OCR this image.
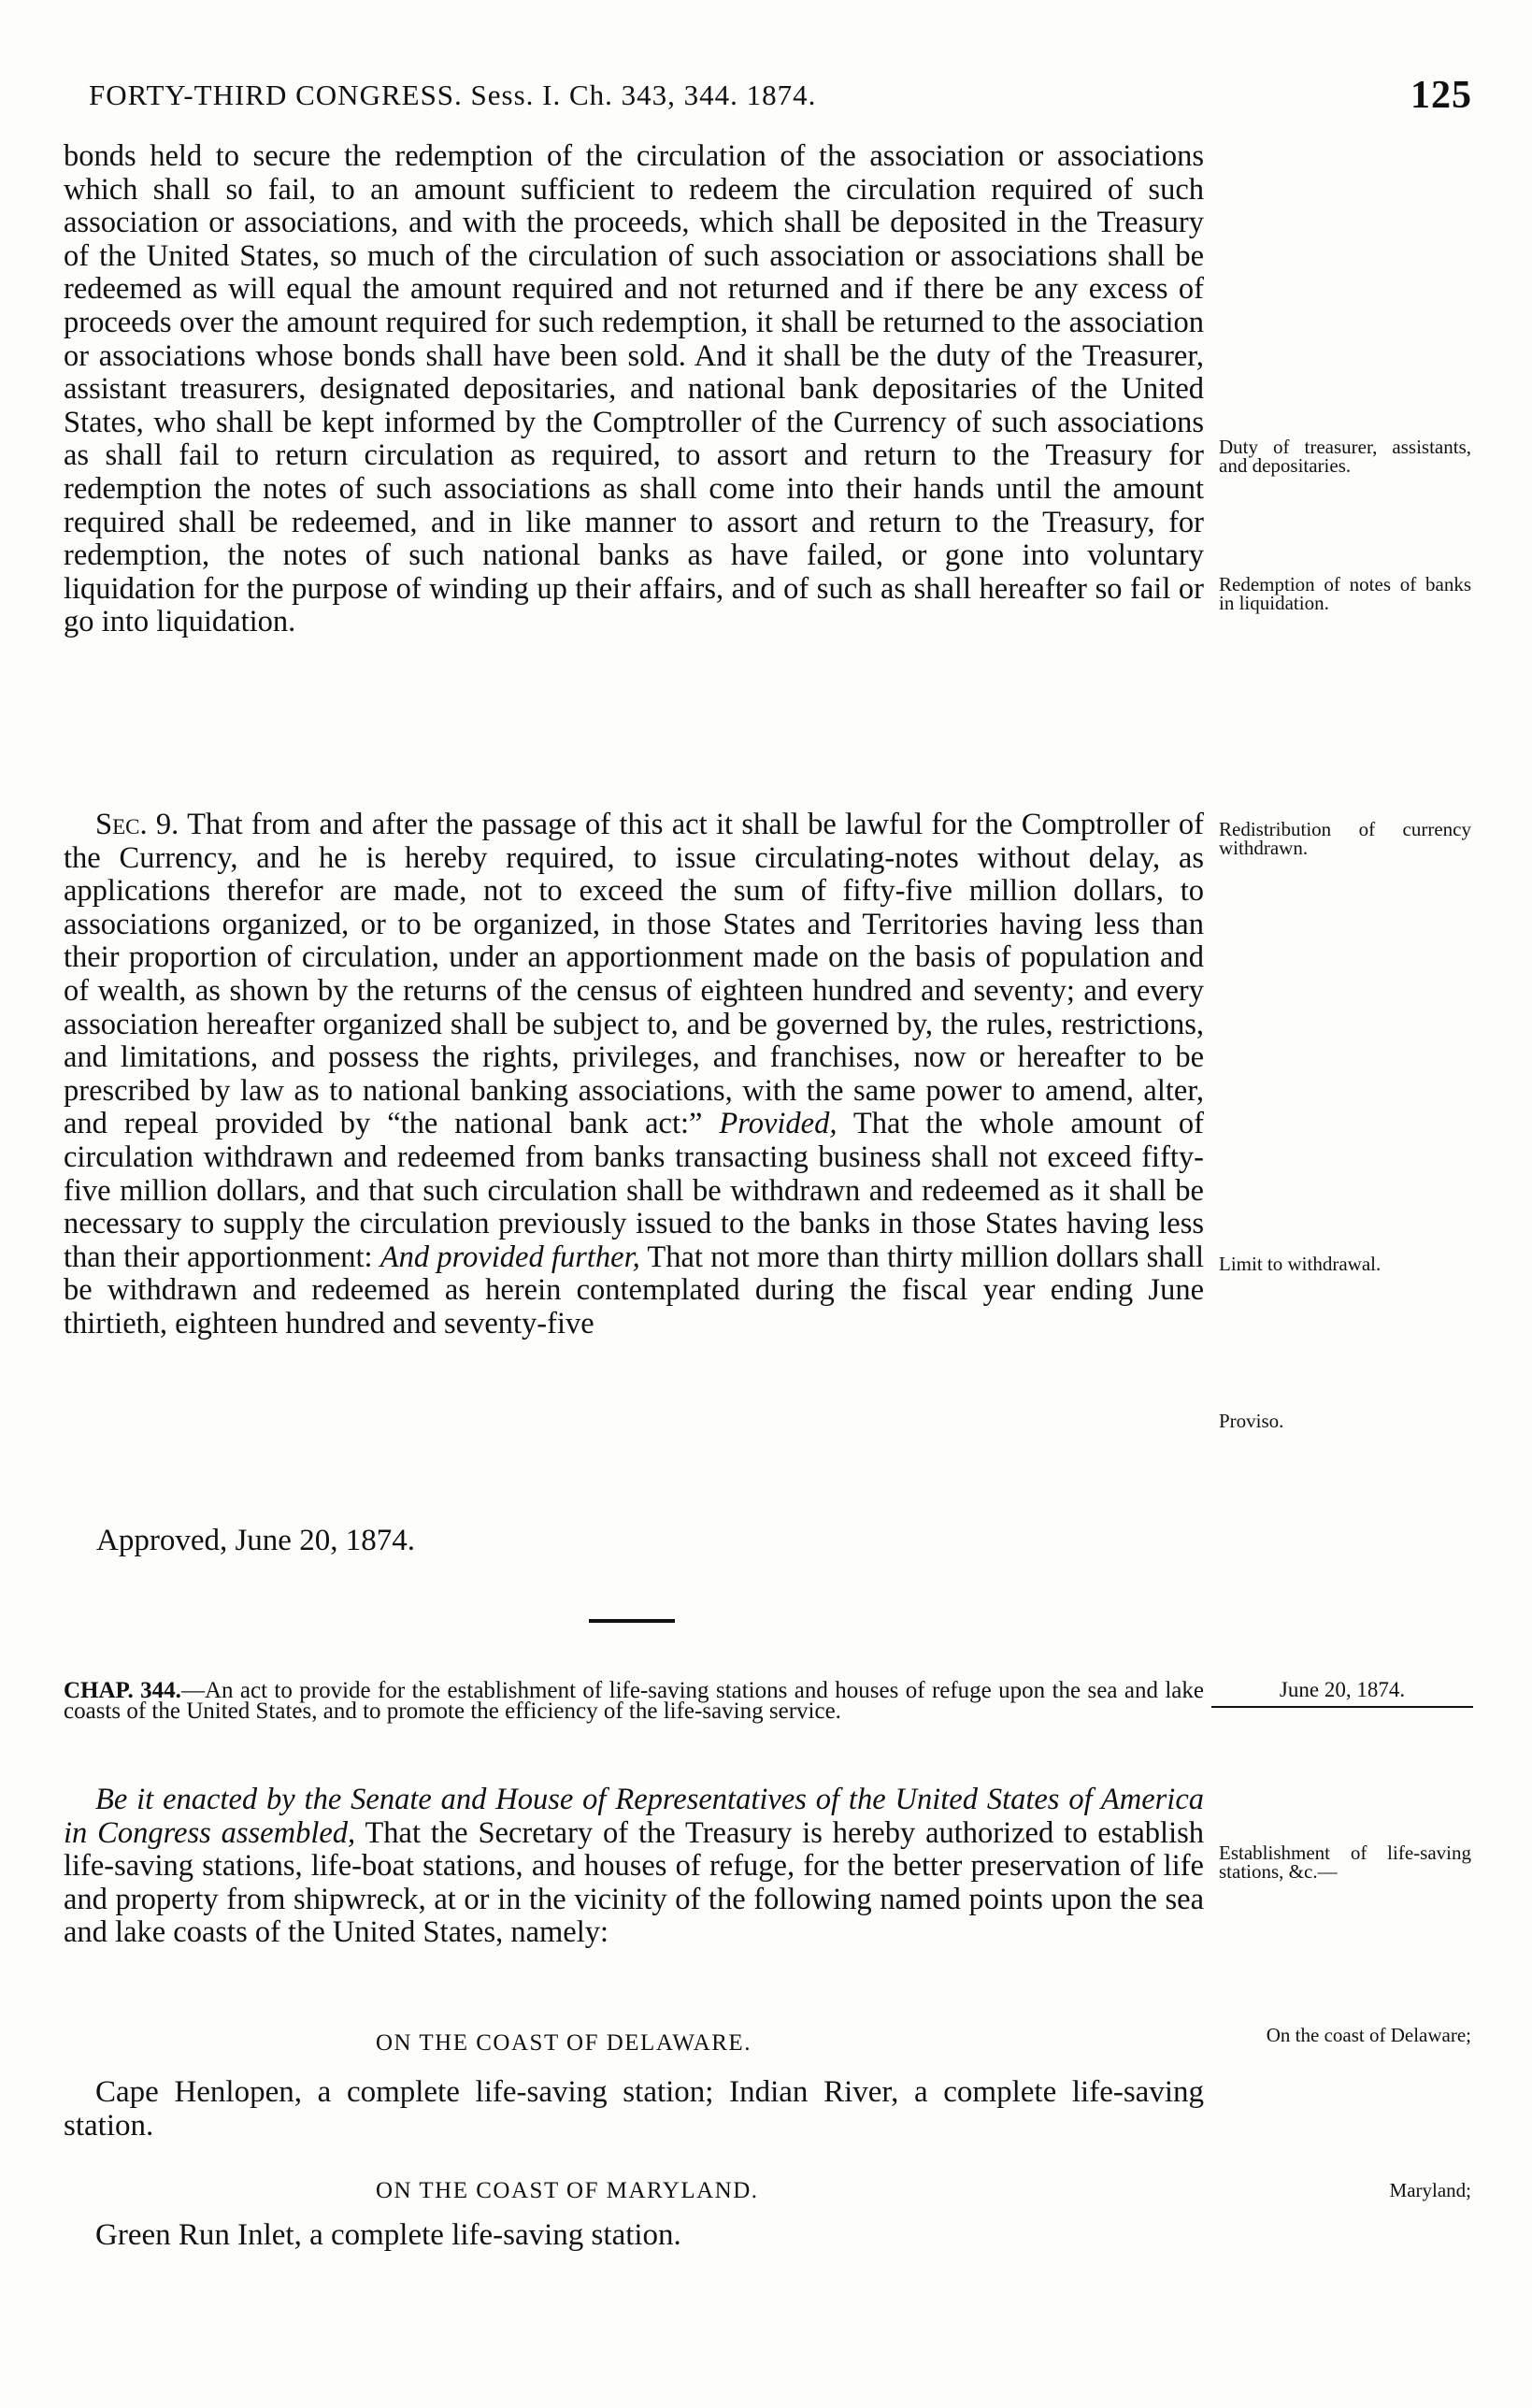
FORTY-THIRD CONGRESS. Sess. I. Ch. 343, 344. 1874.	125

bonds held to secure the redemption of the circulation of the association or associations which shall so fail, to an amount sufficient to redeem the circulation required of such association or associations, and with the proceeds, which shall be deposited in the Treasury of the United States, so much of the circulation of such association or associations shall be redeemed as will equal the amount required and not returned and if there be any excess of proceeds over the amount required for such redemption, it shall be returned to the association or associations whose bonds shall have been sold. And it shall be the duty of the Treasurer, assistant treasurers, designated depositaries, and national bank depositaries of the United States, who shall be kept informed by the Comptroller of the Currency of such associations as shall fail to return circulation as required, to assort and return to the Treasury for redemption the notes of such associations as shall come into their hands until the amount required shall be redeemed, and in like manner to assort and return to the Treasury, for redemption, the notes of such national banks as have failed, or gone into voluntary liquidation for the purpose of winding up their affairs, and of such as shall hereafter so fail or go into liquidation.

Sec. 9. That from and after the passage of this act it shall be lawful for the Comptroller of the Currency, and he is hereby required, to issue circulating-notes without delay, as applications therefor are made, not to exceed the sum of fifty-five million dollars, to associations organized, or to be organized, in those States and Territories having less than their proportion of circulation, under an apportionment made on the basis of population and of wealth, as shown by the returns of the census of eighteen hundred and seventy; and every association hereafter organized shall be subject to, and be governed by, the rules, restrictions, and limitations, and possess the rights, privileges, and franchises, now or hereafter to be prescribed by law as to national banking associations, with the same power to amend, alter, and repeal provided by “the national bank act:” Provided, That the whole amount of circulation withdrawn and redeemed from banks transacting business shall not exceed fifty-five million dollars, and that such circulation shall be withdrawn and redeemed as it shall be necessary to supply the circulation previously issued to the banks in those States having less than their apportionment: And provided further, That not more than thirty million dollars shall be withdrawn and redeemed as herein contemplated during the fiscal year ending June thirtieth, eighteen hundred and seventy-five

Approved, June 20, 1874.
CHAP. 344.—An act to provide for the establishment of life-saving stations and houses of refuge upon the sea and lake coasts of the United States, and to promote the efficiency of the life-saving service.
June 20, 1874.

Be it enacted by the Senate and House of Representatives of the United States of America in Congress assembled, That the Secretary of the Treasury is hereby authorized to establish life-saving stations, life-boat stations, and houses of refuge, for the better preservation of life and property from shipwreck, at or in the vicinity of the following named points upon the sea and lake coasts of the United States, namely:

ON THE COAST OF DELAWARE.
Cape Henlopen, a complete life-saving station; Indian River, a complete life-saving station.
ON THE COAST OF MARYLAND.
Green Run Inlet, a complete life-saving station.
Duty of treasurer, assistants, and depositaries.
Redemption of notes of banks in liquidation.
Redistribution of currency withdrawn.
Limit to withdrawal.
Proviso.
Establishment of life-saving stations, &c.—
On the coast of Delaware;
Maryland;
